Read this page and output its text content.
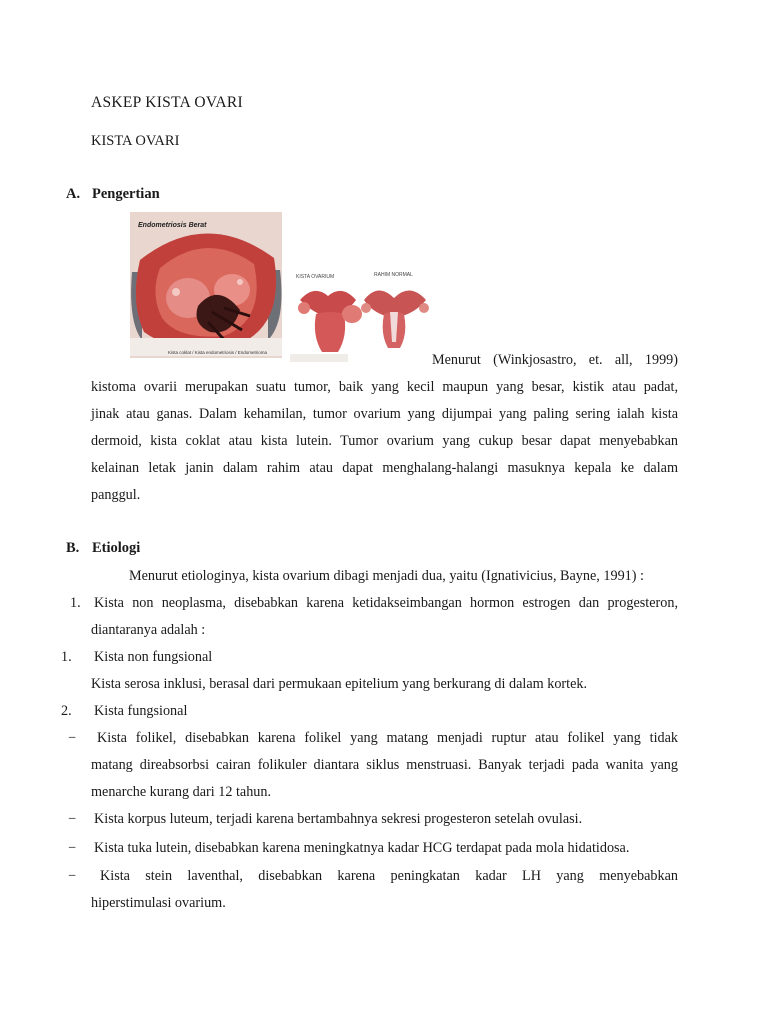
ASKEP KISTA OVARI
KISTA OVARI
A. Pengertian
Endometriosis Berat
Kista coklat / Kista endometriosis / Endometrioma
KISTA OVARIUM	RAHIM NORMAL
Menurut (Winkjosastro, et. all, 1999)
kistoma ovarii merupakan suatu tumor, baik yang kecil maupun yang besar, kistik atau padat,
jinak atau ganas. Dalam kehamilan, tumor ovarium yang dijumpai yang paling sering ialah kista
dermoid, kista coklat atau kista lutein. Tumor ovarium yang cukup besar dapat menyebabkan
kelainan letak janin dalam rahim atau dapat menghalang-halangi masuknya kepala ke dalam
panggul.
B. Etiologi
Menurut etiologinya, kista ovarium dibagi menjadi dua, yaitu (Ignativicius, Bayne, 1991) :
1. Kista non neoplasma, disebabkan karena ketidakseimbangan hormon estrogen dan progesteron,
diantaranya adalah :
1. Kista non fungsional
Kista serosa inklusi, berasal dari permukaan epitelium yang berkurang di dalam kortek.
2. Kista fungsional
− Kista folikel, disebabkan karena folikel yang matang menjadi ruptur atau folikel yang tidak
matang direabsorbsi cairan folikuler diantara siklus menstruasi. Banyak terjadi pada wanita yang
menarche kurang dari 12 tahun.
− Kista korpus luteum, terjadi karena bertambahnya sekresi progesteron setelah ovulasi.
− Kista tuka lutein, disebabkan karena meningkatnya kadar HCG terdapat pada mola hidatidosa.
− Kista stein laventhal, disebabkan karena peningkatan kadar LH yang menyebabkan
hiperstimulasi ovarium.
